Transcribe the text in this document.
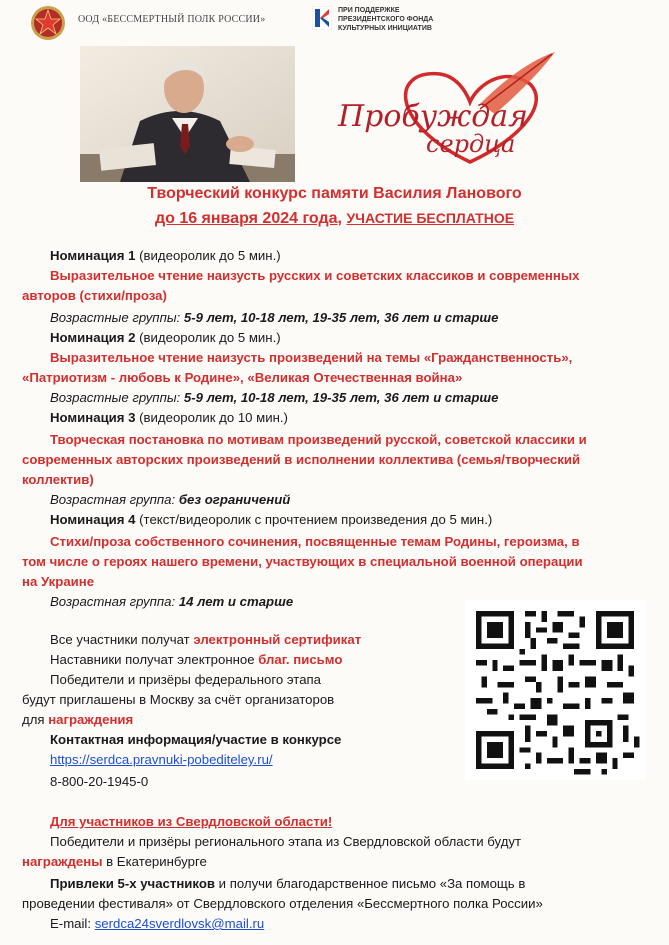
ООД «БЕССМЕРТНЫЙ ПОЛК РОССИИ»
ПРИ ПОДДЕРЖКЕ
ПРЕЗИДЕНТСКОГО ФОНДА
КУЛЬТУРНЫХ ИНИЦИАТИВ
Пробуждая
сердца
Творческий конкурс памяти Василия Ланового
до 16 января 2024 года, УЧАСТИЕ БЕСПЛАТНОЕ
Номинация 1 (видеоролик до 5 мин.)
Выразительное чтение наизусть русских и советских классиков и современных
авторов (стихи/проза)
Возрастные группы: 5-9 лет, 10-18 лет, 19-35 лет, 36 лет и старше
Номинация 2 (видеоролик до 5 мин.)
Выразительное чтение наизусть произведений на темы «Гражданственность»,
«Патриотизм - любовь к Родине», «Великая Отечественная война»
Возрастные группы: 5-9 лет, 10-18 лет, 19-35 лет, 36 лет и старше
Номинация 3 (видеоролик до 10 мин.)
Творческая постановка по мотивам произведений русской, советской классики и
современных авторских произведений в исполнении коллектива (семья/творческий
коллектив)
Возрастная группа: без ограничений
Номинация 4 (текст/видеоролик с прочтением произведения до 5 мин.)
Стихи/проза собственного сочинения, посвященные темам Родины, героизма, в
том числе о героях нашего времени, участвующих в специальной военной операции
на Украине
Возрастная группа: 14 лет и старше
Все участники получат электронный сертификат
Наставники получат электронное благ. письмо
Победители и призёры федерального этапа
будут приглашены в Москву за счёт организаторов
для награждения
Контактная информация/участие в конкурсе
https://serdca.pravnuki-pobediteley.ru/
8-800-20-1945-0
Для участников из Свердловской области!
Победители и призёры регионального этапа из Свердловской области будут
награждены в Екатеринбурге
Привлеки 5-х участников и получи благодарственное письмо «За помощь в
проведении фестиваля» от Свердловского отделения «Бессмертного полка России»
E-mail: serdca24sverdlovsk@mail.ru
